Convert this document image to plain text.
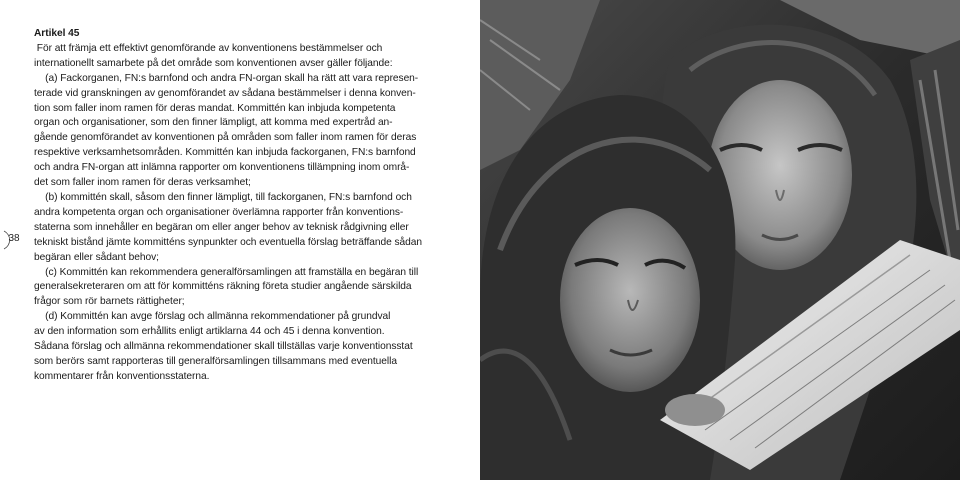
38
Artikel 45
För att främja ett effektivt genomförande av konventionens bestämmelser och
internationellt samarbete på det område som konventionen avser gäller följande:
(a) Fackorganen, FN:s barnfond och andra FN-organ skall ha rätt att vara represen-
terade vid granskningen av genomförandet av sådana bestämmelser i denna konven-
tion som faller inom ramen för deras mandat. Kommittén kan inbjuda kompetenta
organ och organisationer, som den finner lämpligt, att komma med expertråd an-
gående genomförandet av konventionen på områden som faller inom ramen för deras
respektive verksamhetsområden. Kommittén kan inbjuda fackorganen, FN:s barnfond
och andra FN-organ att inlämna rapporter om konventionens tillämpning inom områ-
det som faller inom ramen för deras verksamhet;
(b) kommittén skall, såsom den finner lämpligt, till fackorganen, FN:s barnfond och
andra kompetenta organ och organisationer överlämna rapporter från konventions-
staterna som innehåller en begäran om eller anger behov av teknisk rådgivning eller
tekniskt bistånd jämte kommitténs synpunkter och eventuella förslag beträffande sådan
begäran eller sådant behov;
(c) Kommittén kan rekommendera generalförsamlingen att framställa en begäran till
generalsekreteraren om att för kommitténs räkning företa studier angående särskilda
frågor som rör barnets rättigheter;
(d) Kommittén kan avge förslag och allmänna rekommendationer på grundval
av den information som erhållits enligt artiklarna 44 och 45 i denna konvention.
Sådana förslag och allmänna rekommendationer skall tillställas varje konventionsstat
som berörs samt rapporteras till generalförsamlingen tillsammans med eventuella
kommentarer från konventionsstaterna.
